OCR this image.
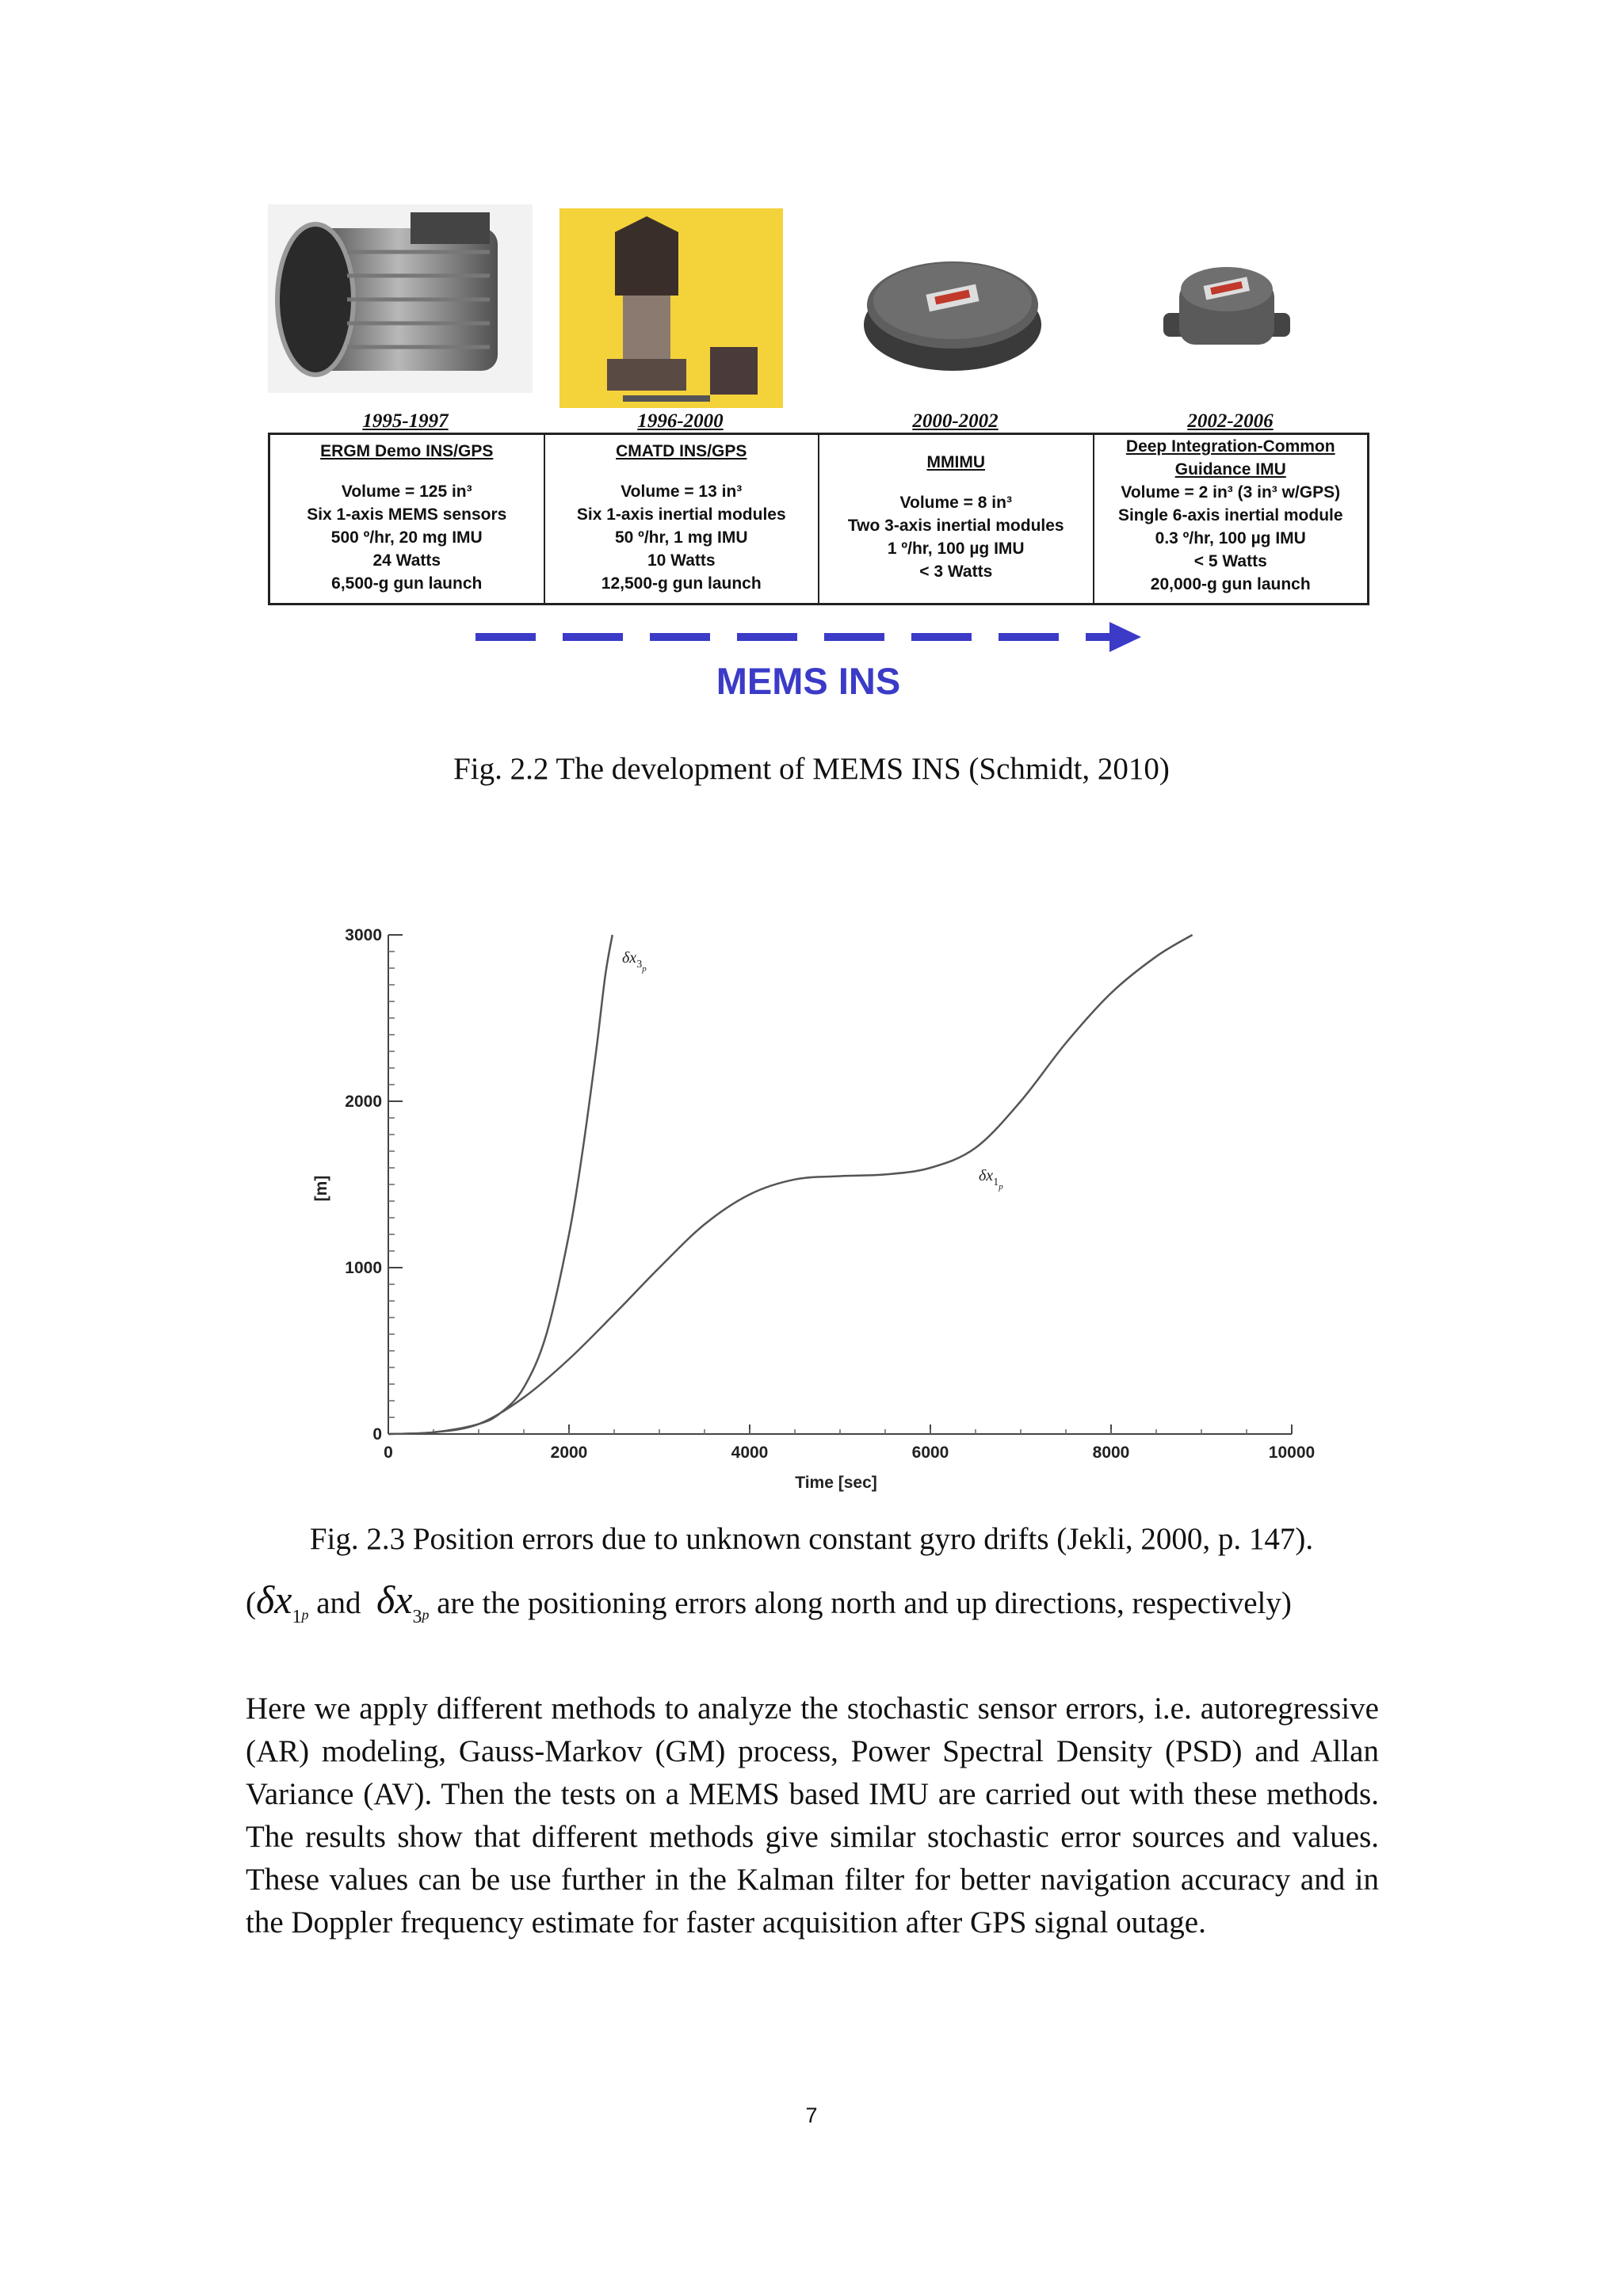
1995-1997	1996-2000	2000-2002	2002-2006
ERGM Demo INS/GPS
Volume = 125 in³
Six 1-axis MEMS sensors
500 º/hr, 20 mg IMU
24 Watts
6,500-g gun launch
CMATD INS/GPS
Volume = 13 in³
Six 1-axis inertial modules
50 º/hr, 1 mg IMU
10 Watts
12,500-g gun launch
MMIMU
Volume = 8 in³
Two 3-axis inertial modules
1 º/hr, 100 µg IMU
< 3 Watts
Deep Integration-Common
Guidance IMU
Volume = 2 in³ (3 in³ w/GPS)
Single 6-axis inertial module
0.3 º/hr, 100 µg IMU
< 5 Watts
20,000-g gun launch
MEMS INS
Fig. 2.2 The development of MEMS INS (Schmidt, 2010)
0	2000	4000	6000	8000	10000
0
1000
2000
3000
Time [sec]
[m]
$\delta x_{3p}$
$\delta x_{1p}$
Fig. 2.3 Position errors due to unknown constant gyro drifts (Jekli, 2000, p. 147).
($\delta x_1p$ and $\delta x_3p$ are the positioning errors along north and up directions, respectively)
Here we apply different methods to analyze the stochastic sensor errors, i.e. autoregressive (AR) modeling, Gauss-Markov (GM) process, Power Spectral Density (PSD) and Allan Variance (AV). Then the tests on a MEMS based IMU are carried out with these methods. The results show that different methods give similar stochastic error sources and values. These values can be use further in the Kalman filter for better navigation accuracy and in the Doppler frequency estimate for faster acquisition after GPS signal outage.
7
